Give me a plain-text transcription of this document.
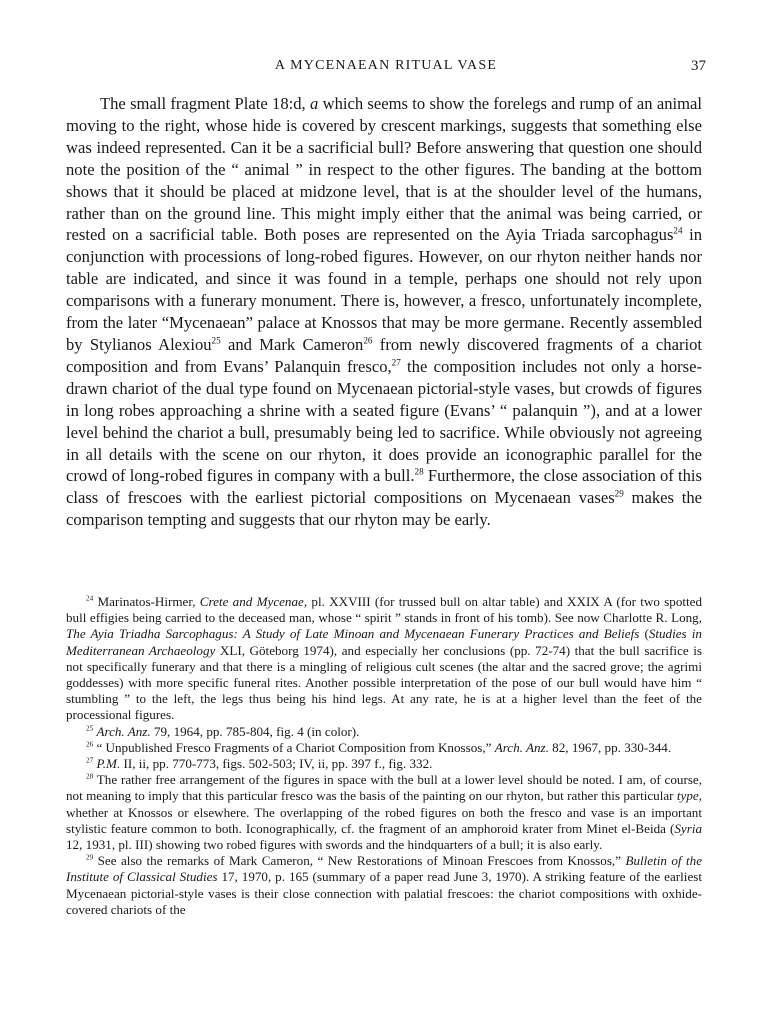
A MYCENAEAN RITUAL VASE	37

The small fragment Plate 18:d, a which seems to show the forelegs and rump of an animal moving to the right, whose hide is covered by crescent markings, suggests that something else was indeed represented. Can it be a sacrificial bull? Before answering that question one should note the position of the “ animal ” in respect to the other figures. The banding at the bottom shows that it should be placed at midzone level, that is at the shoulder level of the humans, rather than on the ground line. This might imply either that the animal was being carried, or rested on a sacrificial table. Both poses are represented on the Ayia Triada sarcophagus$^{24}$ in conjunction with processions of long-robed figures. However, on our rhyton neither hands nor table are indicated, and since it was found in a temple, perhaps one should not rely upon comparisons with a funerary monument. There is, however, a fresco, unfortunately incomplete, from the later “Mycenaean” palace at Knossos that may be more germane. Recently assembled by Stylianos Alexiou$^{25}$ and Mark Cameron$^{26}$ from newly discovered fragments of a chariot composition and from Evans’ Palanquin fresco,$^{27}$ the composition includes not only a horse-drawn chariot of the dual type found on Mycenaean pictorial-style vases, but crowds of figures in long robes approaching a shrine with a seated figure (Evans’ “ palanquin ”), and at a lower level behind the chariot a bull, presumably being led to sacrifice. While obviously not agreeing in all details with the scene on our rhyton, it does provide an iconographic parallel for the crowd of long-robed figures in company with a bull.$^{28}$ Furthermore, the close association of this class of frescoes with the earliest pictorial compositions on Mycenaean vases$^{29}$ makes the comparison tempting and suggests that our rhyton may be early.

$^{24}$ Marinatos-Hirmer, Crete and Mycenae, pl. XXVIII (for trussed bull on altar table) and XXIX A (for two spotted bull effigies being carried to the deceased man, whose “ spirit ” stands in front of his tomb). See now Charlotte R. Long, The Ayia Triadha Sarcophagus: A Study of Late Minoan and Mycenaean Funerary Practices and Beliefs (Studies in Mediterranean Archaeology XLI, Göteborg 1974), and especially her conclusions (pp. 72-74) that the bull sacrifice is not specifically funerary and that there is a mingling of religious cult scenes (the altar and the sacred grove; the agrimi goddesses) with more specific funeral rites. Another possible interpretation of the pose of our bull would have him “ stumbling ” to the left, the legs thus being his hind legs. At any rate, he is at a higher level than the feet of the processional figures.

$^{25}$ Arch. Anz. 79, 1964, pp. 785-804, fig. 4 (in color).

$^{26}$ “ Unpublished Fresco Fragments of a Chariot Composition from Knossos,” Arch. Anz. 82, 1967, pp. 330-344.

$^{27}$ P.M. II, ii, pp. 770-773, figs. 502-503; IV, ii, pp. 397 f., fig. 332.

$^{28}$ The rather free arrangement of the figures in space with the bull at a lower level should be noted. I am, of course, not meaning to imply that this particular fresco was the basis of the painting on our rhyton, but rather this particular type, whether at Knossos or elsewhere. The overlapping of the robed figures on both the fresco and vase is an important stylistic feature common to both. Iconographically, cf. the fragment of an amphoroid krater from Minet el-Beida (Syria 12, 1931, pl. III) showing two robed figures with swords and the hindquarters of a bull; it is also early.

$^{29}$ See also the remarks of Mark Cameron, “ New Restorations of Minoan Frescoes from Knossos,” Bulletin of the Institute of Classical Studies 17, 1970, p. 165 (summary of a paper read June 3, 1970). A striking feature of the earliest Mycenaean pictorial-style vases is their close connection with palatial frescoes: the chariot compositions with oxhide-covered chariots of the
